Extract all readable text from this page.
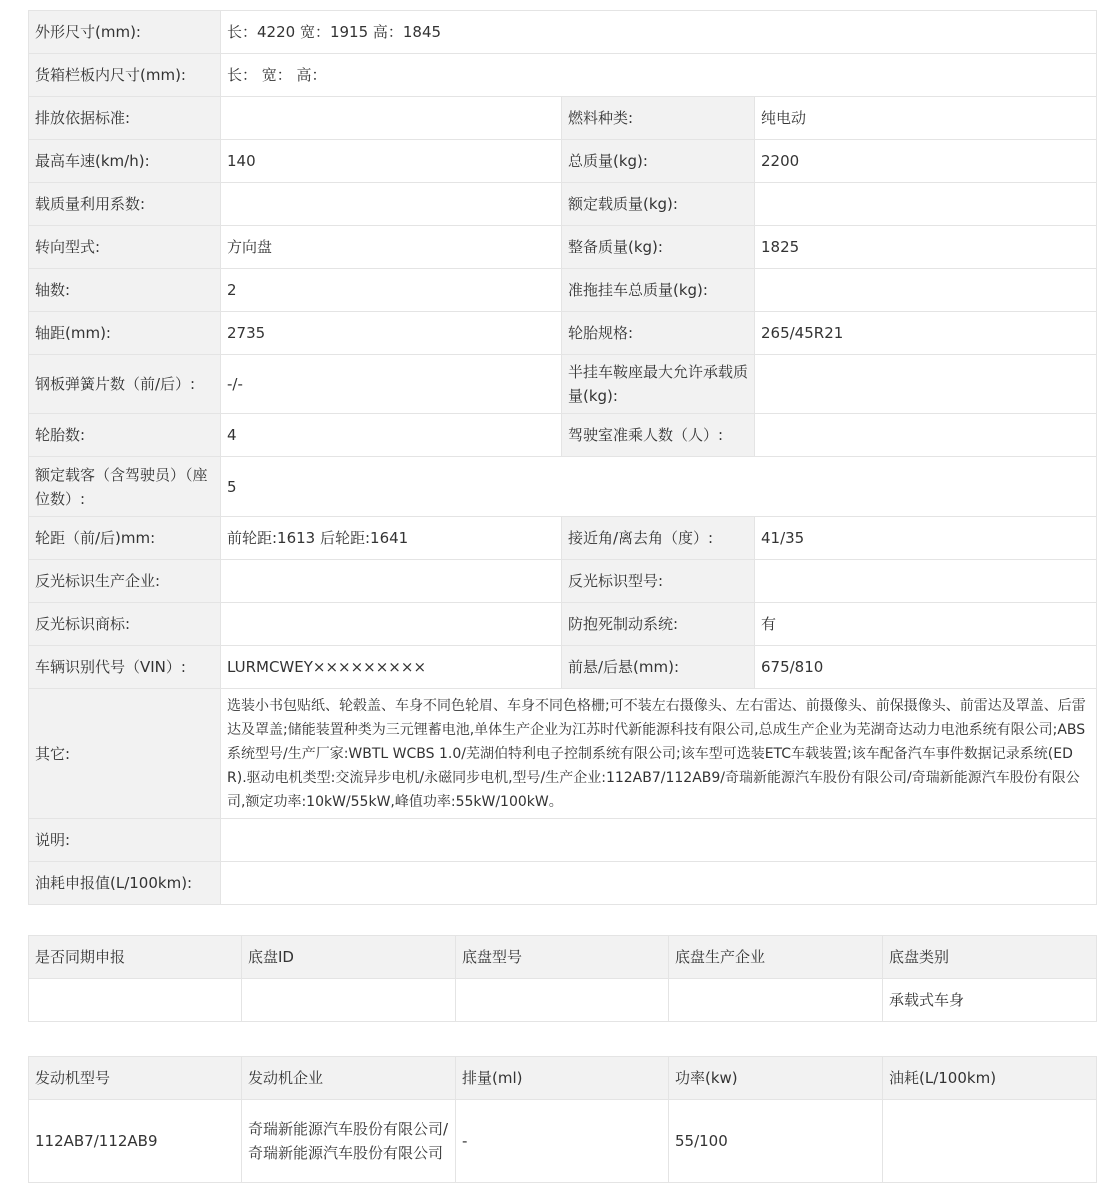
外形尺寸(mm):	长：4220 宽：1915 高：1845		
货箱栏板内尺寸(mm):	长： 宽： 高：		
排放依据标准:		燃料种类:	纯电动
最高车速(km/h):	140	总质量(kg):	2200
载质量利用系数:		额定载质量(kg):	
转向型式:	方向盘	整备质量(kg):	1825
轴数:	2	准拖挂车总质量(kg):	
轴距(mm):	2735	轮胎规格:	265/45R21
钢板弹簧片数（前/后）:	-/-	半挂车鞍座最大允许承载质量(kg):	
轮胎数:	4	驾驶室准乘人数（人）:	
额定载客（含驾驶员）（座位数）:	5		
轮距（前/后)mm:	前轮距:1613 后轮距:1641	接近角/离去角（度）:	41/35
反光标识生产企业:		反光标识型号:	
反光标识商标:		防抱死制动系统:	有
车辆识别代号（VIN）:	LURMCWEY×××××××××	前悬/后悬(mm):	675/810
其它:	选装小书包贴纸、轮毂盖、车身不同色轮眉、车身不同色格栅;可不装左右摄像头、左右雷达、前摄像头、前保摄像头、前雷达及罩盖、后雷达及罩盖;储能装置种类为三元锂蓄电池,单体生产企业为江苏时代新能源科技有限公司,总成生产企业为芜湖奇达动力电池系统有限公司;ABS系统型号/生产厂家:WBTL WCBS 1.0/芜湖伯特利电子控制系统有限公司;该车型可选装ETC车载装置;该车配备汽车事件数据记录系统(EDR).驱动电机类型:交流异步电机/永磁同步电机,型号/生产企业:112AB7/112AB9/奇瑞新能源汽车股份有限公司/奇瑞新能源汽车股份有限公司,额定功率:10kW/55kW,峰值功率:55kW/100kW。		
说明:			
油耗申报值(L/100km):			
是否同期申报	底盘ID	底盘型号	底盘生产企业	底盘类别
				承载式车身
发动机型号	发动机企业	排量(ml)	功率(kw)	油耗(L/100km)
112AB7/112AB9	奇瑞新能源汽车股份有限公司/奇瑞新能源汽车股份有限公司	-	55/100	
